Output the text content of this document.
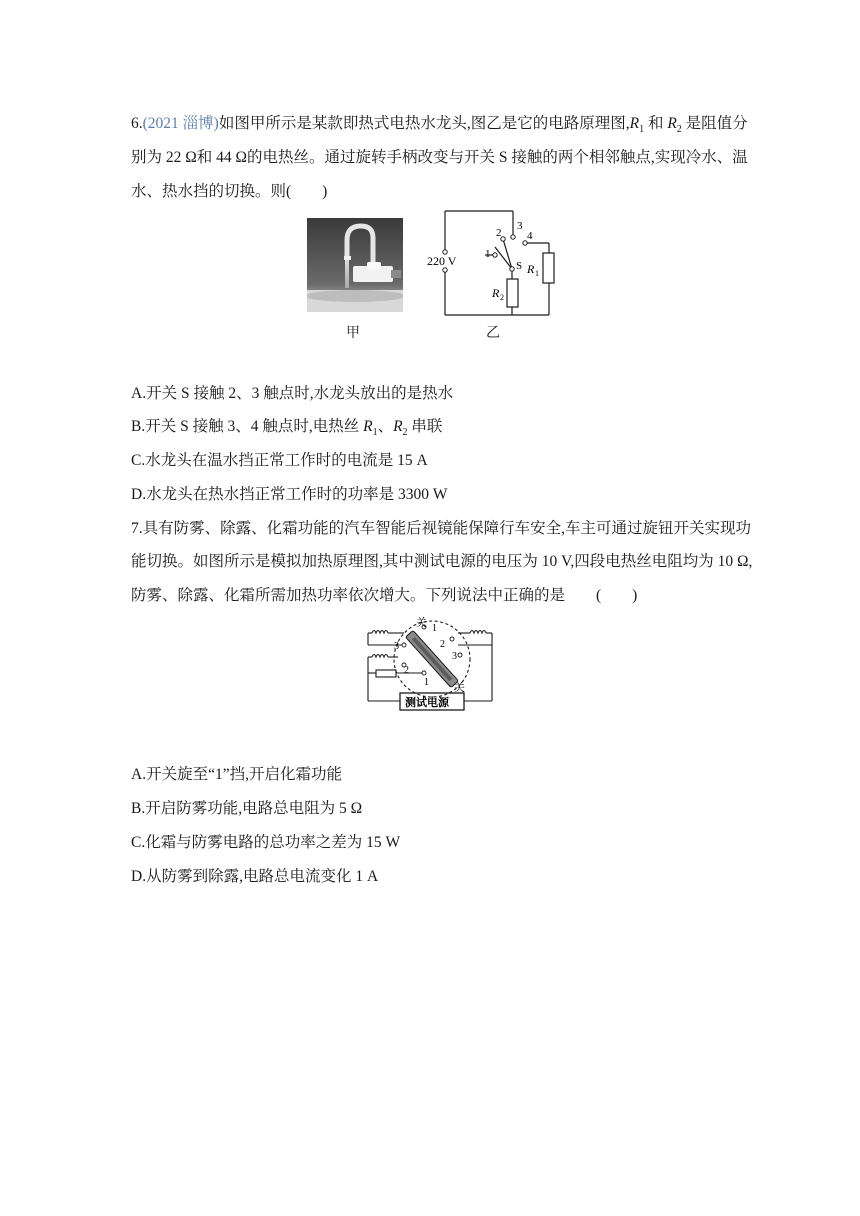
6.(2021 淄博)如图甲所示是某款即热式电热水龙头,图乙是它的电路原理图$,R_1$ 和 $R_2$ 是阻值分
别为 22 Ω和 44 Ω的电热丝。通过旋转手柄改变与开关 S 接触的两个相邻触点,实现冷水、温
水、热水挡的切换。则(　　)
甲
220 V	1
2
3
4
S R 1
R 2
乙
A.开关 S 接触 2、3 触点时,水龙头放出的是热水
B.开关 S 接触 3、4 触点时,电热丝 $R_1$、$R_2$ 串联
C.水龙头在温水挡正常工作时的电流是 15 A
D.水龙头在热水挡正常工作时的功率是 3300 W
7.具有防雾、除露、化霜功能的汽车智能后视镜能保障行车安全,车主可通过旋钮开关实现功
能切换。如图所示是模拟加热原理图,其中测试电源的电压为 10 V,四段电热丝电阻均为 10 Ω,
防雾、除露、化霜所需加热功率依次增大。下列说法中正确的是　　(　　)
关 1
2
3
3
2
1 关
测试电源
A.开关旋至“1”挡,开启化霜功能
B.开启防雾功能,电路总电阻为 5 Ω
C.化霜与防雾电路的总功率之差为 15 W
D.从防雾到除露,电路总电流变化 1 A
